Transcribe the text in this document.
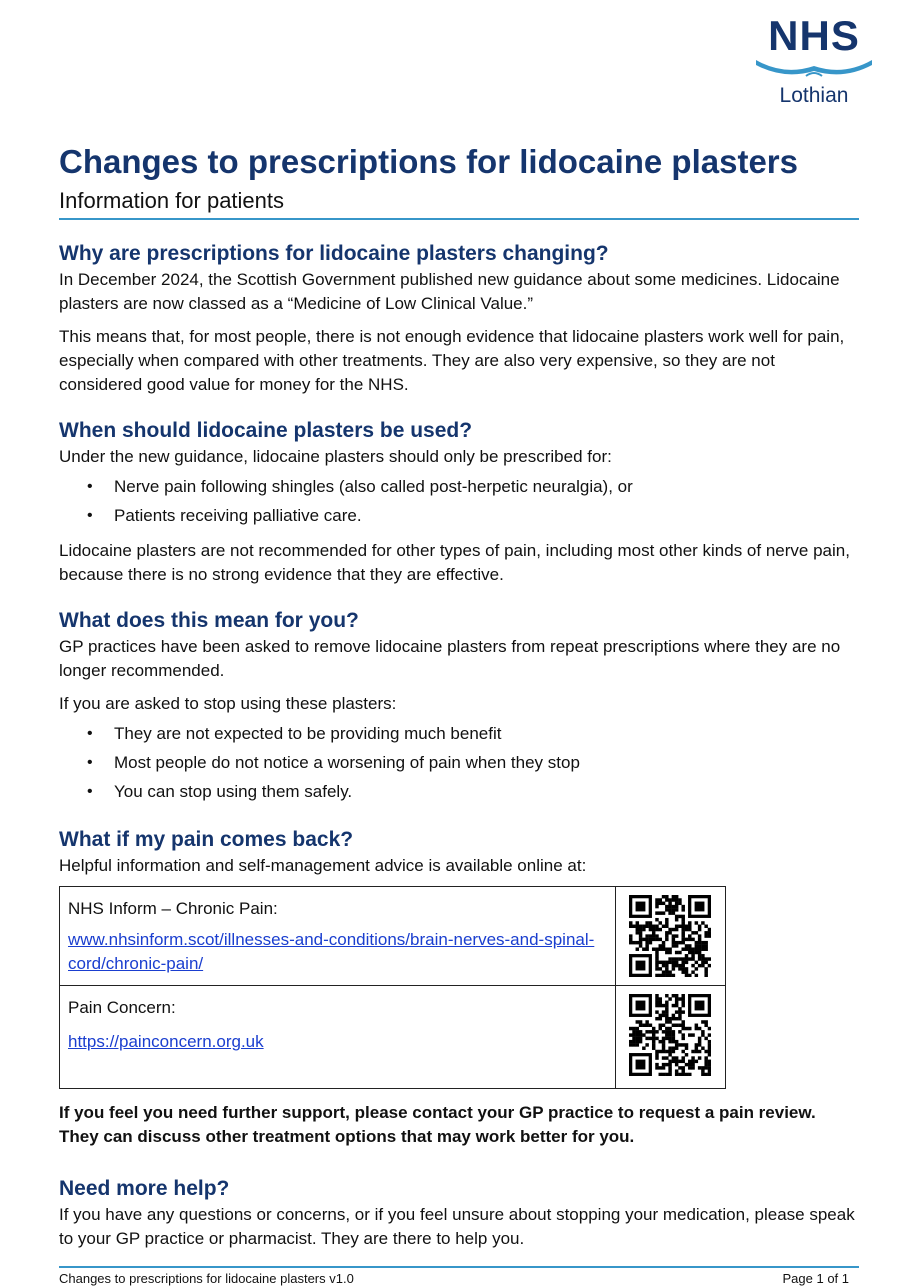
NHS
Lothian
Changes to prescriptions for lidocaine plasters

Information for patients

Why are prescriptions for lidocaine plasters changing?

In December 2024, the Scottish Government published new guidance about some medicines. Lidocaine plasters are now classed as a “Medicine of Low Clinical Value.”

This means that, for most people, there is not enough evidence that lidocaine plasters work well for pain, especially when compared with other treatments. They are also very expensive, so they are not considered good value for money for the NHS.

When should lidocaine plasters be used?

Under the new guidance, lidocaine plasters should only be prescribed for:

• Nerve pain following shingles (also called post-herpetic neuralgia), or
• Patients receiving palliative care.

Lidocaine plasters are not recommended for other types of pain, including most other kinds of nerve pain, because there is no strong evidence that they are effective.

What does this mean for you?

GP practices have been asked to remove lidocaine plasters from repeat prescriptions where they are no longer recommended.

If you are asked to stop using these plasters:

• They are not expected to be providing much benefit
• Most people do not notice a worsening of pain when they stop
• You can stop using them safely.
What if my pain comes back?

Helpful information and self-management advice is available online at:

NHS Inform – Chronic Pain:

www.nhsinform.scot/illnesses-and-conditions/brain-nerves-and-spinal-cord/chronic-pain/

Pain Concern:

https://painconcern.org.uk

If you feel you need further support, please contact your GP practice to request a pain review. They can discuss other treatment options that may work better for you.

Need more help?

If you have any questions or concerns, or if you feel unsure about stopping your medication, please speak to your GP practice or pharmacist. They are there to help you.

Changes to prescriptions for lidocaine plasters v1.0	Page 1 of 1
